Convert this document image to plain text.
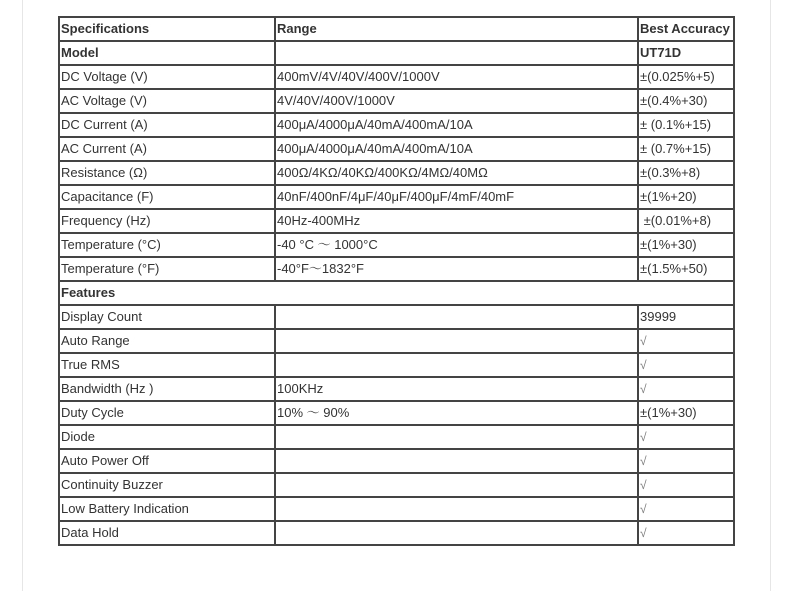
Specifications	Range	Best Accuracy
Model		UT71D
DC Voltage (V)	400mV/4V/40V/400V/1000V	±(0.025%+5)
AC Voltage (V)	4V/40V/400V/1000V	±(0.4%+30)
DC Current (A)	400μA/4000μA/40mA/400mA/10A	± (0.1%+15)
AC Current (A)	400μA/4000μA/40mA/400mA/10A	± (0.7%+15)
Resistance (Ω)	400Ω/4KΩ/40KΩ/400KΩ/4MΩ/40MΩ	±(0.3%+8)
Capacitance (F)	40nF/400nF/4μF/40μF/400μF/4mF/40mF	±(1%+20)
Frequency (Hz)	40Hz-400MHz	±(0.01%+8)
Temperature (°C)	-40 °C ～ 1000°C	±(1%+30)
Temperature (°F)	-40°F～1832°F	±(1.5%+50)
Features		
Display Count		39999
Auto Range		√
True RMS		√
Bandwidth (Hz )	100KHz	√
Duty Cycle	10% ～ 90%	±(1%+30)
Diode		√
Auto Power Off		√
Continuity Buzzer		√
Low Battery Indication		√
Data Hold		√
